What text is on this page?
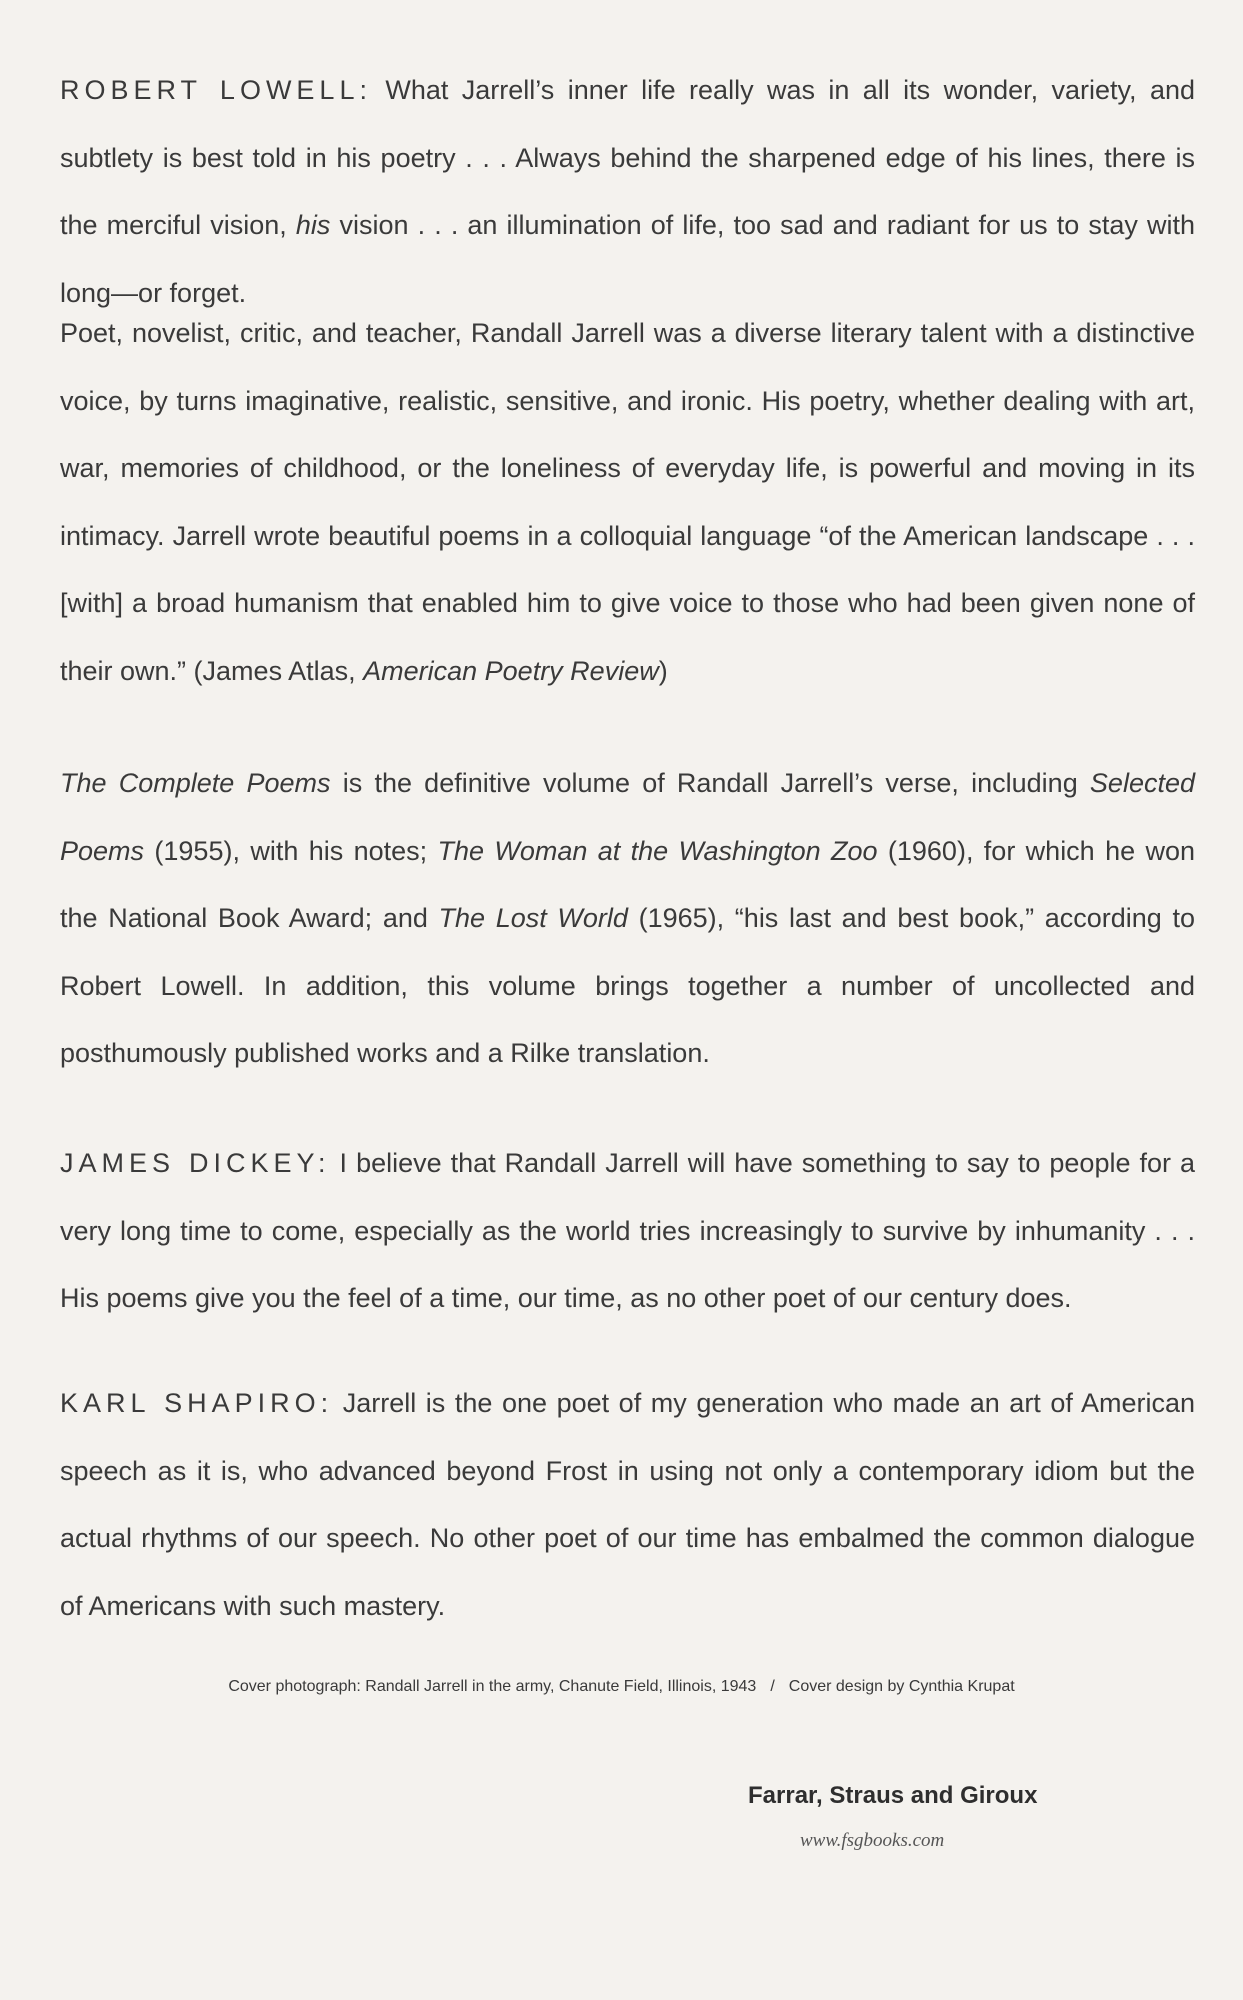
ROBERT LOWELL: What Jarrell’s inner life really was in all its wonder, variety, and subtlety is best told in his poetry . . . Always behind the sharpened edge of his lines, there is the merciful vision, his vision . . . an illumination of life, too sad and radiant for us to stay with long—or forget.

Poet, novelist, critic, and teacher, Randall Jarrell was a diverse literary talent with a distinctive voice, by turns imaginative, realistic, sensitive, and ironic. His poetry, whether dealing with art, war, memories of childhood, or the loneliness of everyday life, is powerful and moving in its intimacy. Jarrell wrote beautiful poems in a colloquial language “of the American landscape . . . [with] a broad humanism that enabled him to give voice to those who had been given none of their own.” (James Atlas, American Poetry Review)

The Complete Poems is the definitive volume of Randall Jarrell’s verse, including Selected Poems (1955), with his notes; The Woman at the Washington Zoo (1960), for which he won the National Book Award; and The Lost World (1965), “his last and best book,” according to Robert Lowell. In addition, this volume brings together a number of uncollected and posthumously published works and a Rilke translation.

JAMES DICKEY: I believe that Randall Jarrell will have something to say to people for a very long time to come, especially as the world tries increasingly to survive by inhumanity . . . His poems give you the feel of a time, our time, as no other poet of our century does.

KARL SHAPIRO: Jarrell is the one poet of my generation who made an art of American speech as it is, who advanced beyond Frost in using not only a contemporary idiom but the actual rhythms of our speech. No other poet of our time has embalmed the common dialogue of Americans with such mastery.

Cover photograph: Randall Jarrell in the army, Chanute Field, Illinois, 1943 / Cover design by Cynthia Krupat
Farrar, Straus and Giroux
www.fsgbooks.com
